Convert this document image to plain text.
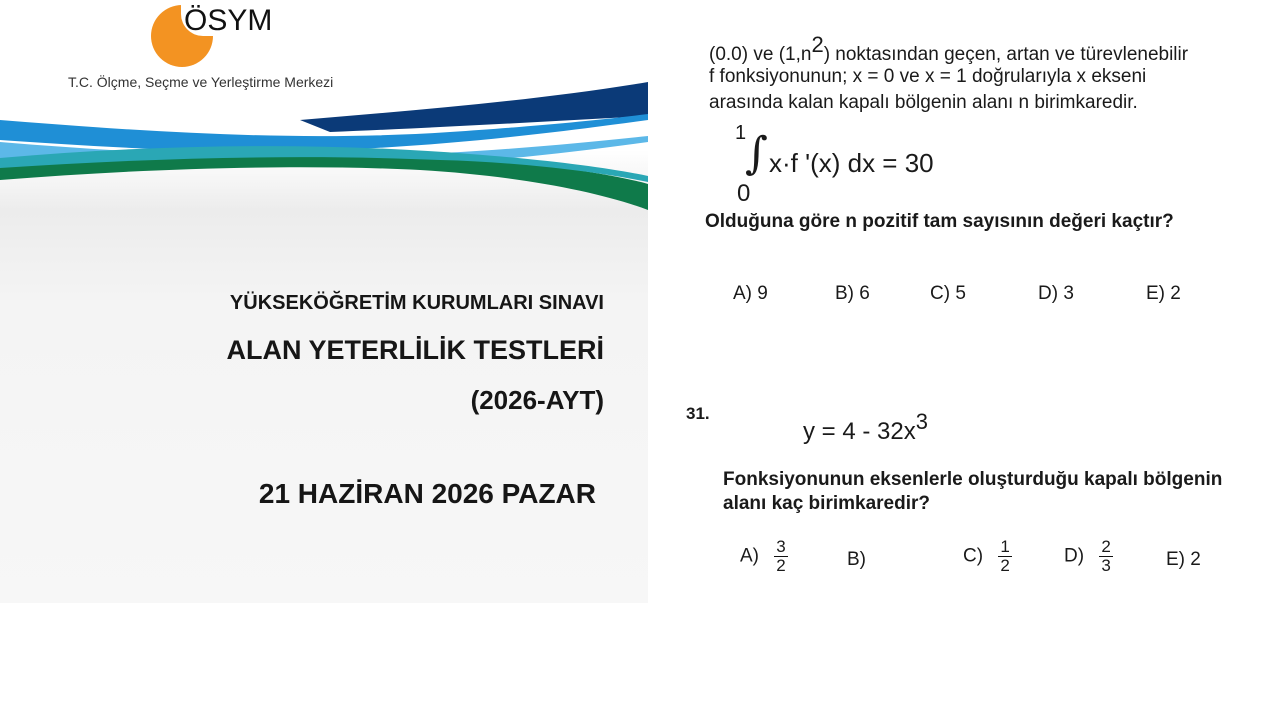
ÖSYM
T.C. Ölçme, Seçme ve Yerleştirme Merkezi
YÜKSEKÖĞRETİM KURUMLARI SINAVI
ALAN YETERLİLİK TESTLERİ
(2026-AYT)
21 HAZİRAN 2026 PAZAR
(0.0) ve (1,n2) noktasından geçen, artan ve türevlenebilir
f fonksiyonunun; x = 0 ve x = 1 doğrularıyla x ekseni
arasında kalan kapalı bölgenin alanı n birimkaredir.
1
∫
0
x·f '(x) dx = 30
Olduğuna göre n pozitif tam sayısının değeri kaçtır?
A) 9	B) 6	C) 5	D) 3	E) 2
31.
y = 4 - 32x3
Fonksiyonunun eksenlerle oluşturduğu kapalı bölgenin
alanı kaç birimkaredir?
$A) \frac{3}{2}$	B)	$C) \frac{1}{2}$	$D) \frac{2}{3}$	E) 2
